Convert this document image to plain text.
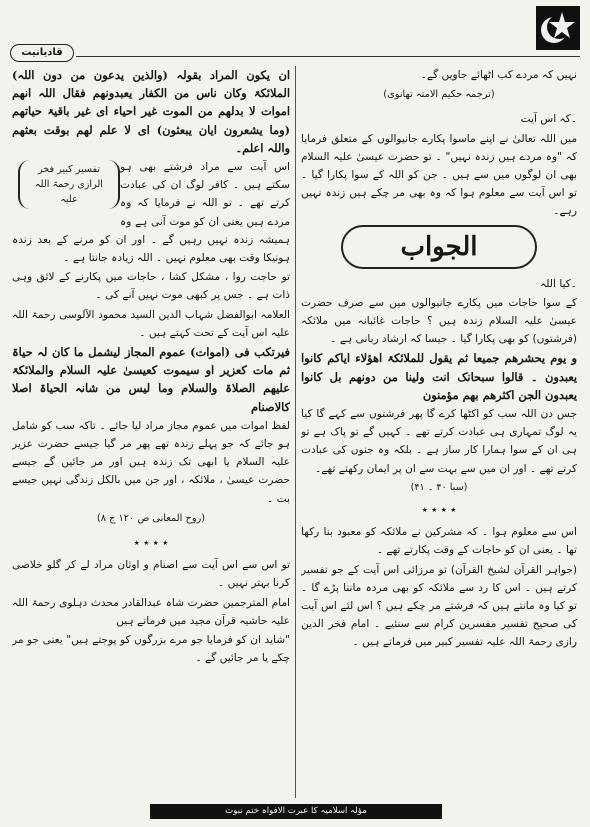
قادیانیت

نہیں کہ مردے کب اٹھائے جاویں گے۔

(ترجمہ حکیم الامتہ تھانوی)

۔کہ اس آیت

میں اللہ تعالیٰ نے اپنے ماسوا پکارے جانیوالوں کے متعلق فرمایا کہ "وہ مردے ہیں زندہ نہیں" ۔ تو حضرت عیسیٰ علیہ السلام بھی ان لوگوں میں سے ہیں ۔ جن کو اللہ کے سوا پکارا گیا ۔ تو اس آیت سے معلوم ہوا کہ وہ بھی مر چکے ہیں زندہ نہیں رہے۔

الجواب

۔کیا اللہ

کے سوا حاجات میں پکارے جانیوالوں میں سے صرف حضرت عیسیٰ علیہ السلام زندہ ہیں ؟ حاجات غائبانہ میں ملائکہ (فرشتوں) کو بھی پکارا گیا ۔ جیسا کہ ارشاد ربانی ہے ۔

و یوم یحشرھم جمیعا ثم یقول للملائکۃ اھؤلاء ایاکم کانوا یعبدون ۔ قالوا سبحانک انت ولینا من دونھم بل کانوا یعبدون الجن اکثرھم بھم مؤمنون

جس دن اللہ سب کو اکٹھا کرے گا پھر فرشتوں سے کہے گا کیا یہ لوگ تمہاری ہی عبادت کرتے تھے ۔ کہیں گے تو پاک ہے تو ہی ان کے سوا ہمارا کار ساز ہے ۔ بلکہ وہ جنوں کی عبادت کرتے تھے ۔ اور ان میں سے بہت سے ان پر ایمان رکھتے تھے۔

(سبا ۴۰ ۔ ۴۱)

٭ ٭ ٭ ٭

اس سے معلوم ہوا ۔ کہ مشرکین نے ملائکہ کو معبود بنا رکھا تھا ۔ یعنی ان کو حاجات کے وقت پکارتے تھے ۔

(جواہر القرآن لشیخ القرآن) تو مرزائی اس آیت کے جو تفسیر کرتے ہیں ۔ اس کا رد سے ملائکہ کو بھی مردہ ماننا پڑے گا ۔ تو کیا وہ مانتے ہیں کہ فرشتے مر چکے ہیں ؟ اس لئے اس آیت کی صحیح تفسیر مفسرین کرام سے سنئیے ۔ امام فخر الدین رازی رحمۃ اللہ علیہ تفسیر کبیر میں فرماتے ہیں ۔

ان یکون المراد بقولہ (والذین یدعون من دون اللہ) الملائکۃ وکان ناس من الکفار یعبدونھم فقال اللہ انھم اموات لا بدلھم من الموت غیر احیاء ای غیر باقیۃ حیاتھم (وما یشعرون ایان یبعثون) ای لا علم لھم بوقت بعثھم واللہ اعلم۔

تفسیر کبیر فخر الرازی رحمۃ اللہ علیہ

اس آیت سے مراد فرشتے بھی ہو سکتے ہیں ۔ کافر لوگ ان کی عبادت کرتے تھے ۔ تو اللہ نے فرمایا کہ وہ مردے ہیں یعنی ان کو موت آنی ہے وہ ہمیشہ زندہ نہیں رہیں گے ۔ اور ان کو مرنے کے بعد زندہ ہونیکا وقت بھی معلوم نہیں ۔ اللہ زیادہ جانتا ہے ۔

تو حاجت روا ، مشکل کشا ، حاجات میں پکارنے کے لائق وہی ذات ہے ۔ جس پر کبھی موت نہیں آنے کی ۔

العلامہ ابوالفضل شہاب الدین السید محمود الآلوسی رحمۃ اللہ علیہ اس آیت کے تحت کہتے ہیں ۔

فیرتکب فی (اموات) عموم المجاز لیشمل ما کان لہ حیاۃ ثم مات کعزیر او سیموت کعیسیٰ علیہ السلام والملائکۃ علیھم الصلاۃ والسلام وما لیس من شانہ الحیاۃ اصلا کالاصنام

لفظ اموات میں عموم مجاز مراد لیا جائے ۔ تاکہ سب کو شامل ہو جائے کہ جو پہلے زندہ تھے پھر مر گیا جیسے حضرت عزیر علیہ السلام یا ابھی تک زندہ ہیں اور مر جائیں گے جیسے حضرت عیسیٰ ، ملائکہ ، اور جن میں بالکل زندگی نہیں جیسے بت ۔

(روح المعانی ص ۱۲۰ ج ۸)

٭ ٭ ٭ ٭

تو اس سے اس آیت سے اصنام و اوثان مراد لے کر گلو خلاصی کرنا بہتر نہیں ۔

امام المترجمین حضرت شاہ عبدالقادر محدث دہلوی رحمۃ اللہ علیہ حاشیہ قرآن مجید میں فرماتے ہیں

"شاید ان کو فرمایا جو مرے بزرگوں کو پوجتے ہیں" یعنی جو مر چکے یا مر جائیں گے ۔

مؤلہ اسلامیہ کا عبرت الافواہ ختم نبوت
